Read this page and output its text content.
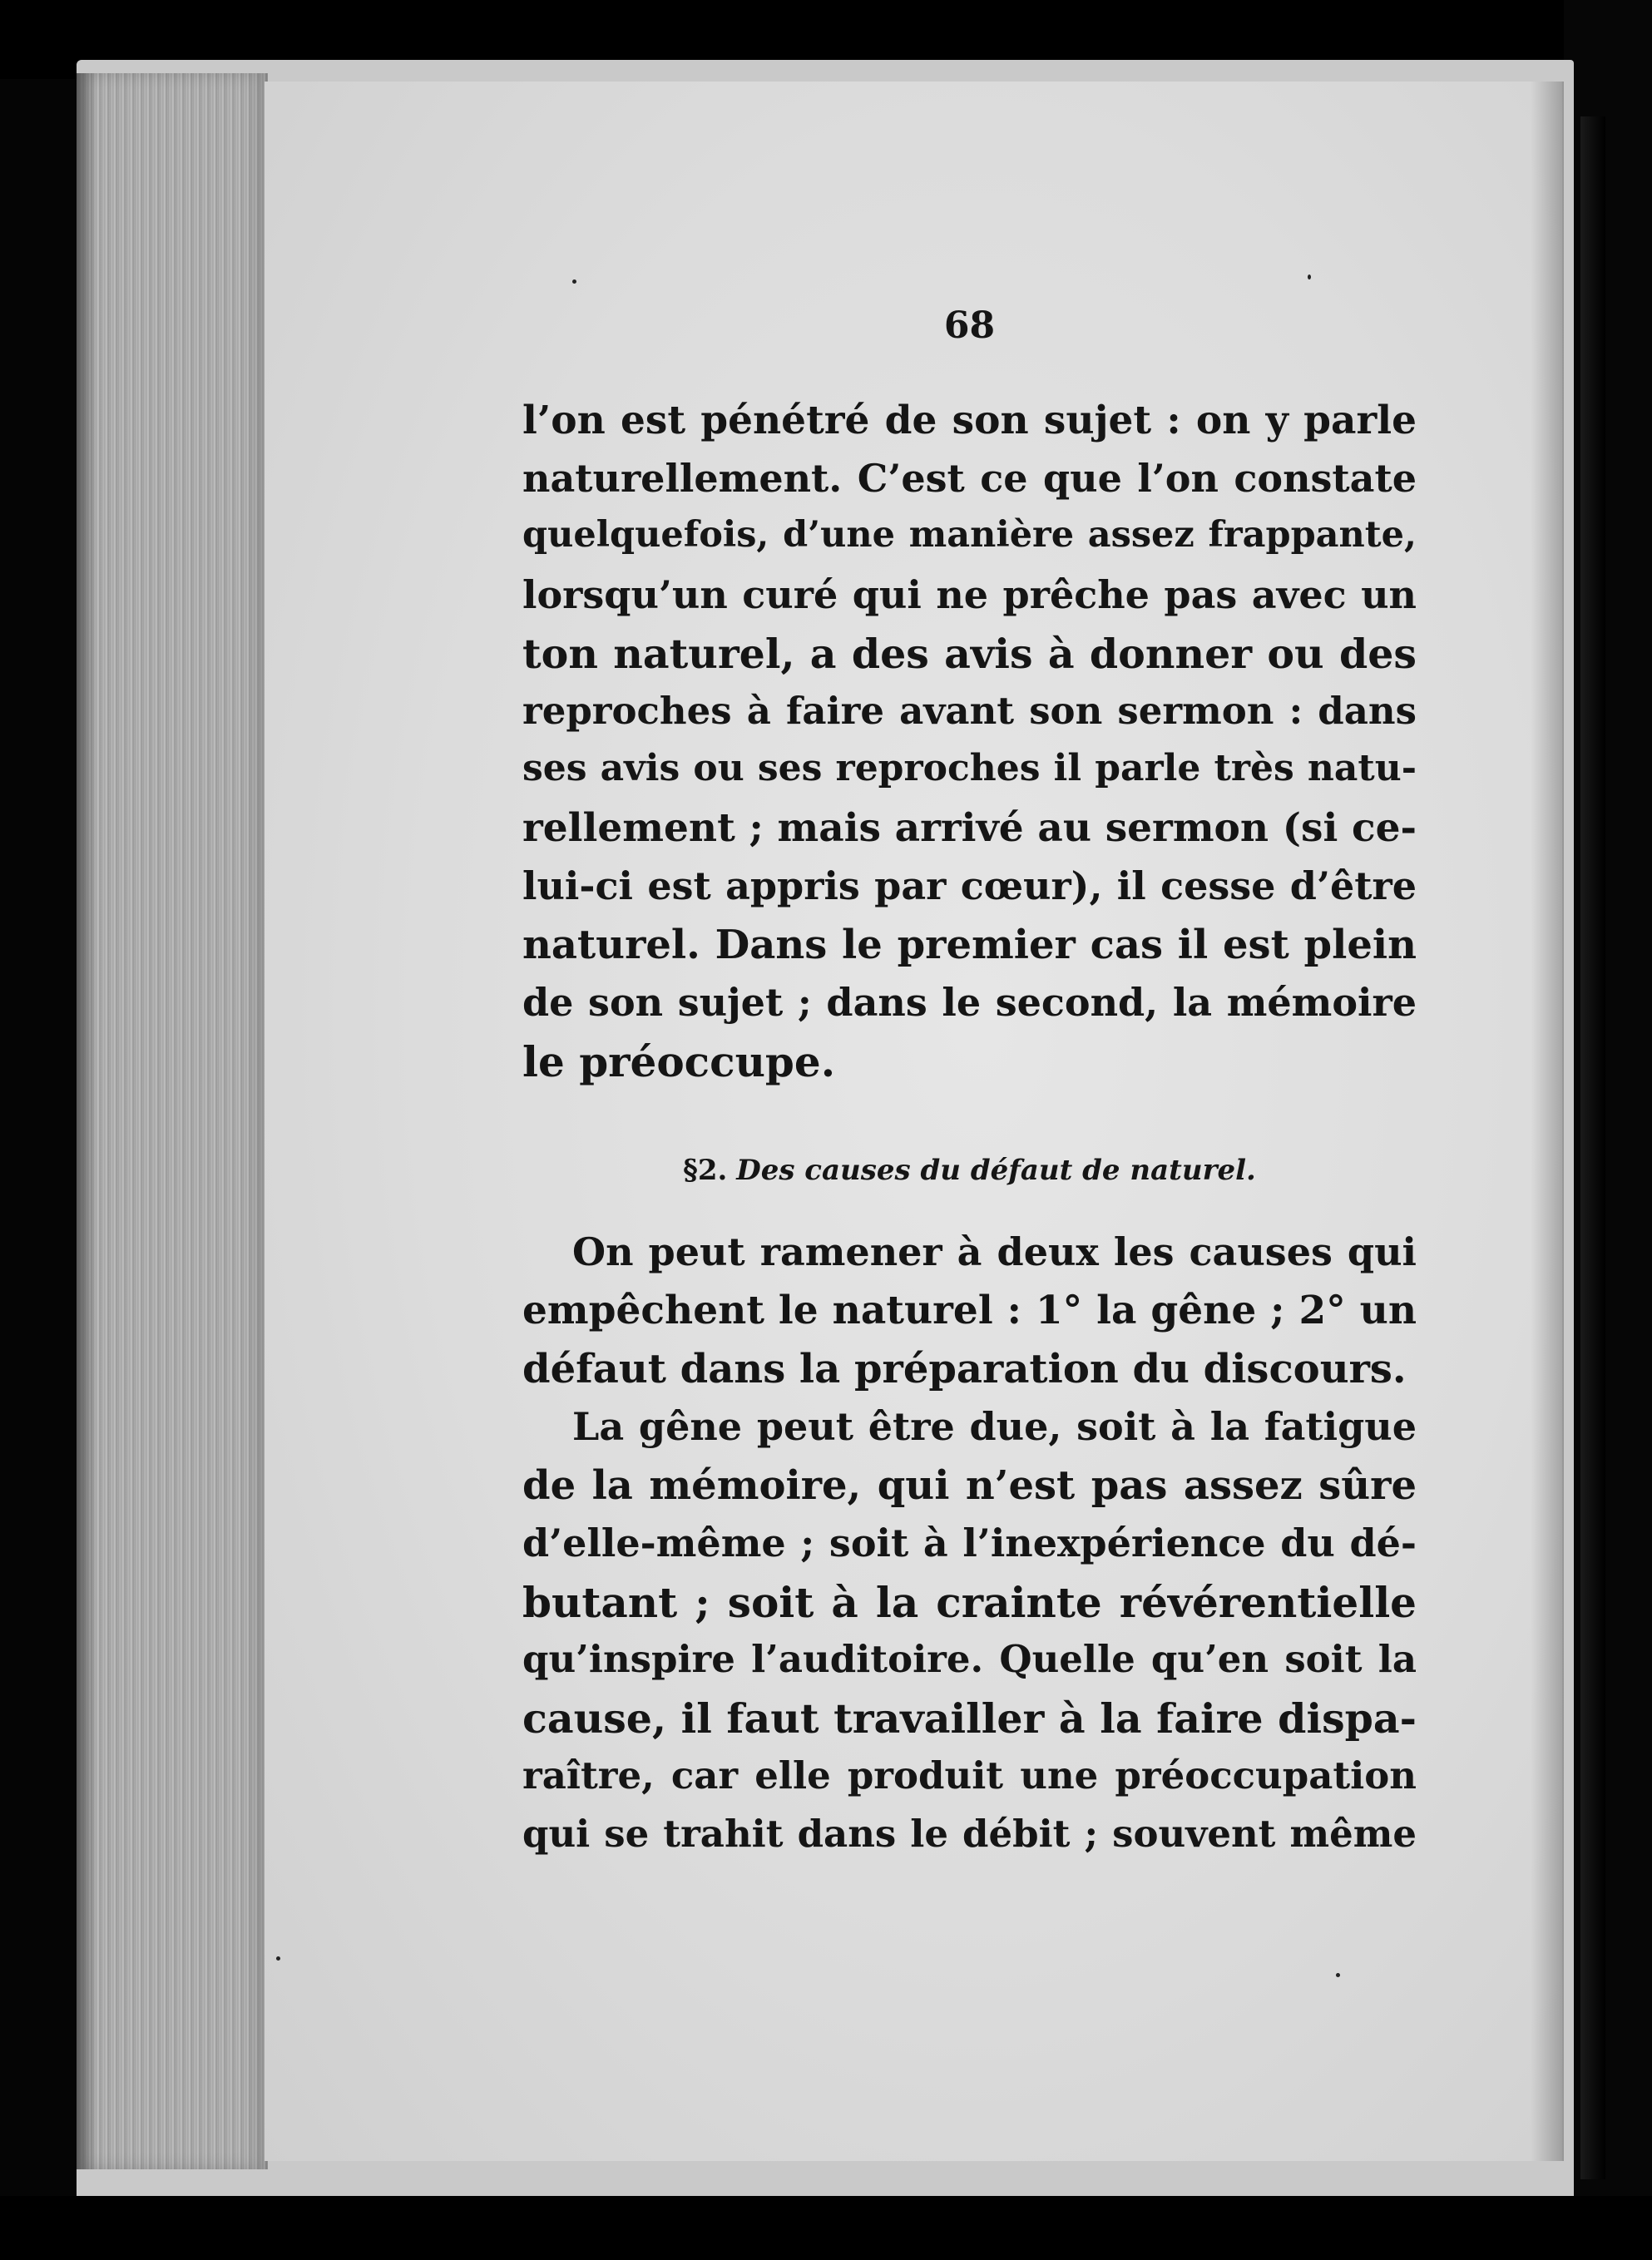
68
l’on est pénétré de son sujet : on y parle
naturellement. C’est ce que l’on constate
quelquefois, d’une manière assez frappante,
lorsqu’un curé qui ne prêche pas avec un
ton naturel, a des avis à donner ou des
reproches à faire avant son sermon : dans
ses avis ou ses reproches il parle très natu-
rellement ; mais arrivé au sermon (si ce-
lui-ci est appris par cœur), il cesse d’être
naturel. Dans le premier cas il est plein
de son sujet ; dans le second, la mémoire
le préoccupe.
§2. Des causes du défaut de naturel.
On peut ramener à deux les causes qui
empêchent le naturel : 1° la gêne ; 2° un
défaut dans la préparation du discours.
La gêne peut être due, soit à la fatigue
de la mémoire, qui n’est pas assez sûre
d’elle-même ; soit à l’inexpérience du dé-
butant ; soit à la crainte révérentielle
qu’inspire l’auditoire. Quelle qu’en soit la
cause, il faut travailler à la faire dispa-
raître, car elle produit une préoccupation
qui se trahit dans le débit ; souvent même
